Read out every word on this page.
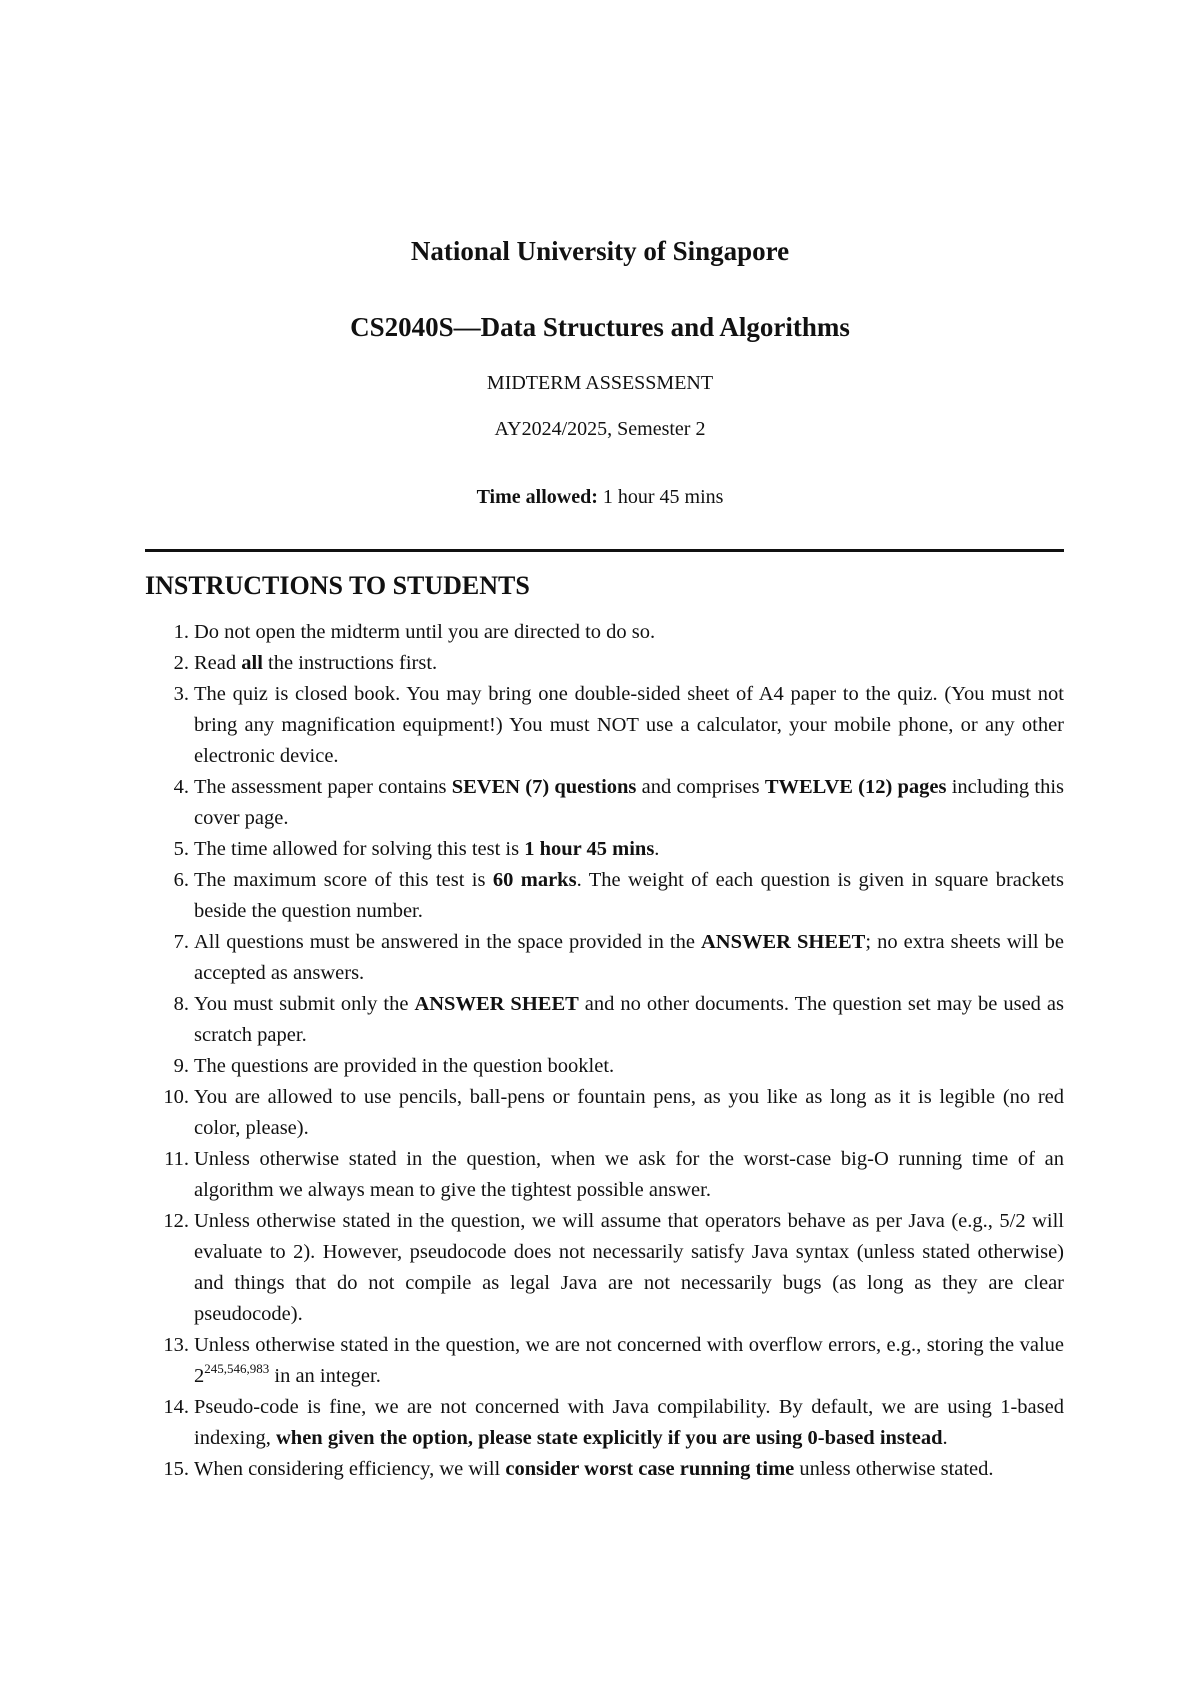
National University of Singapore
CS2040S—Data Structures and Algorithms
MIDTERM ASSESSMENT
AY2024/2025, Semester 2
Time allowed: 1 hour 45 mins
INSTRUCTIONS TO STUDENTS
1. Do not open the midterm until you are directed to do so.
2. Read all the instructions first.
3. The quiz is closed book. You may bring one double-sided sheet of A4 paper to the quiz. (You must not bring any magnification equipment!) You must NOT use a calculator, your mobile phone, or any other electronic device.
4. The assessment paper contains SEVEN (7) questions and comprises TWELVE (12) pages including this cover page.
5. The time allowed for solving this test is 1 hour 45 mins.
6. The maximum score of this test is 60 marks. The weight of each question is given in square brackets beside the question number.
7. All questions must be answered in the space provided in the ANSWER SHEET; no extra sheets will be accepted as answers.
8. You must submit only the ANSWER SHEET and no other documents. The question set may be used as scratch paper.
9. The questions are provided in the question booklet.
10. You are allowed to use pencils, ball-pens or fountain pens, as you like as long as it is legible (no red color, please).
11. Unless otherwise stated in the question, when we ask for the worst-case big-O running time of an algorithm we always mean to give the tightest possible answer.
12. Unless otherwise stated in the question, we will assume that operators behave as per Java (e.g., 5/2 will evaluate to 2). However, pseudocode does not necessarily satisfy Java syntax (unless stated otherwise) and things that do not compile as legal Java are not necessarily bugs (as long as they are clear pseudocode).
13. Unless otherwise stated in the question, we are not concerned with overflow errors, e.g., storing the value 2$^{245,546,983}$ in an integer.
14. Pseudo-code is fine, we are not concerned with Java compilability. By default, we are using 1-based indexing, when given the option, please state explicitly if you are using 0-based instead.
15. When considering efficiency, we will consider worst case running time unless otherwise stated.
